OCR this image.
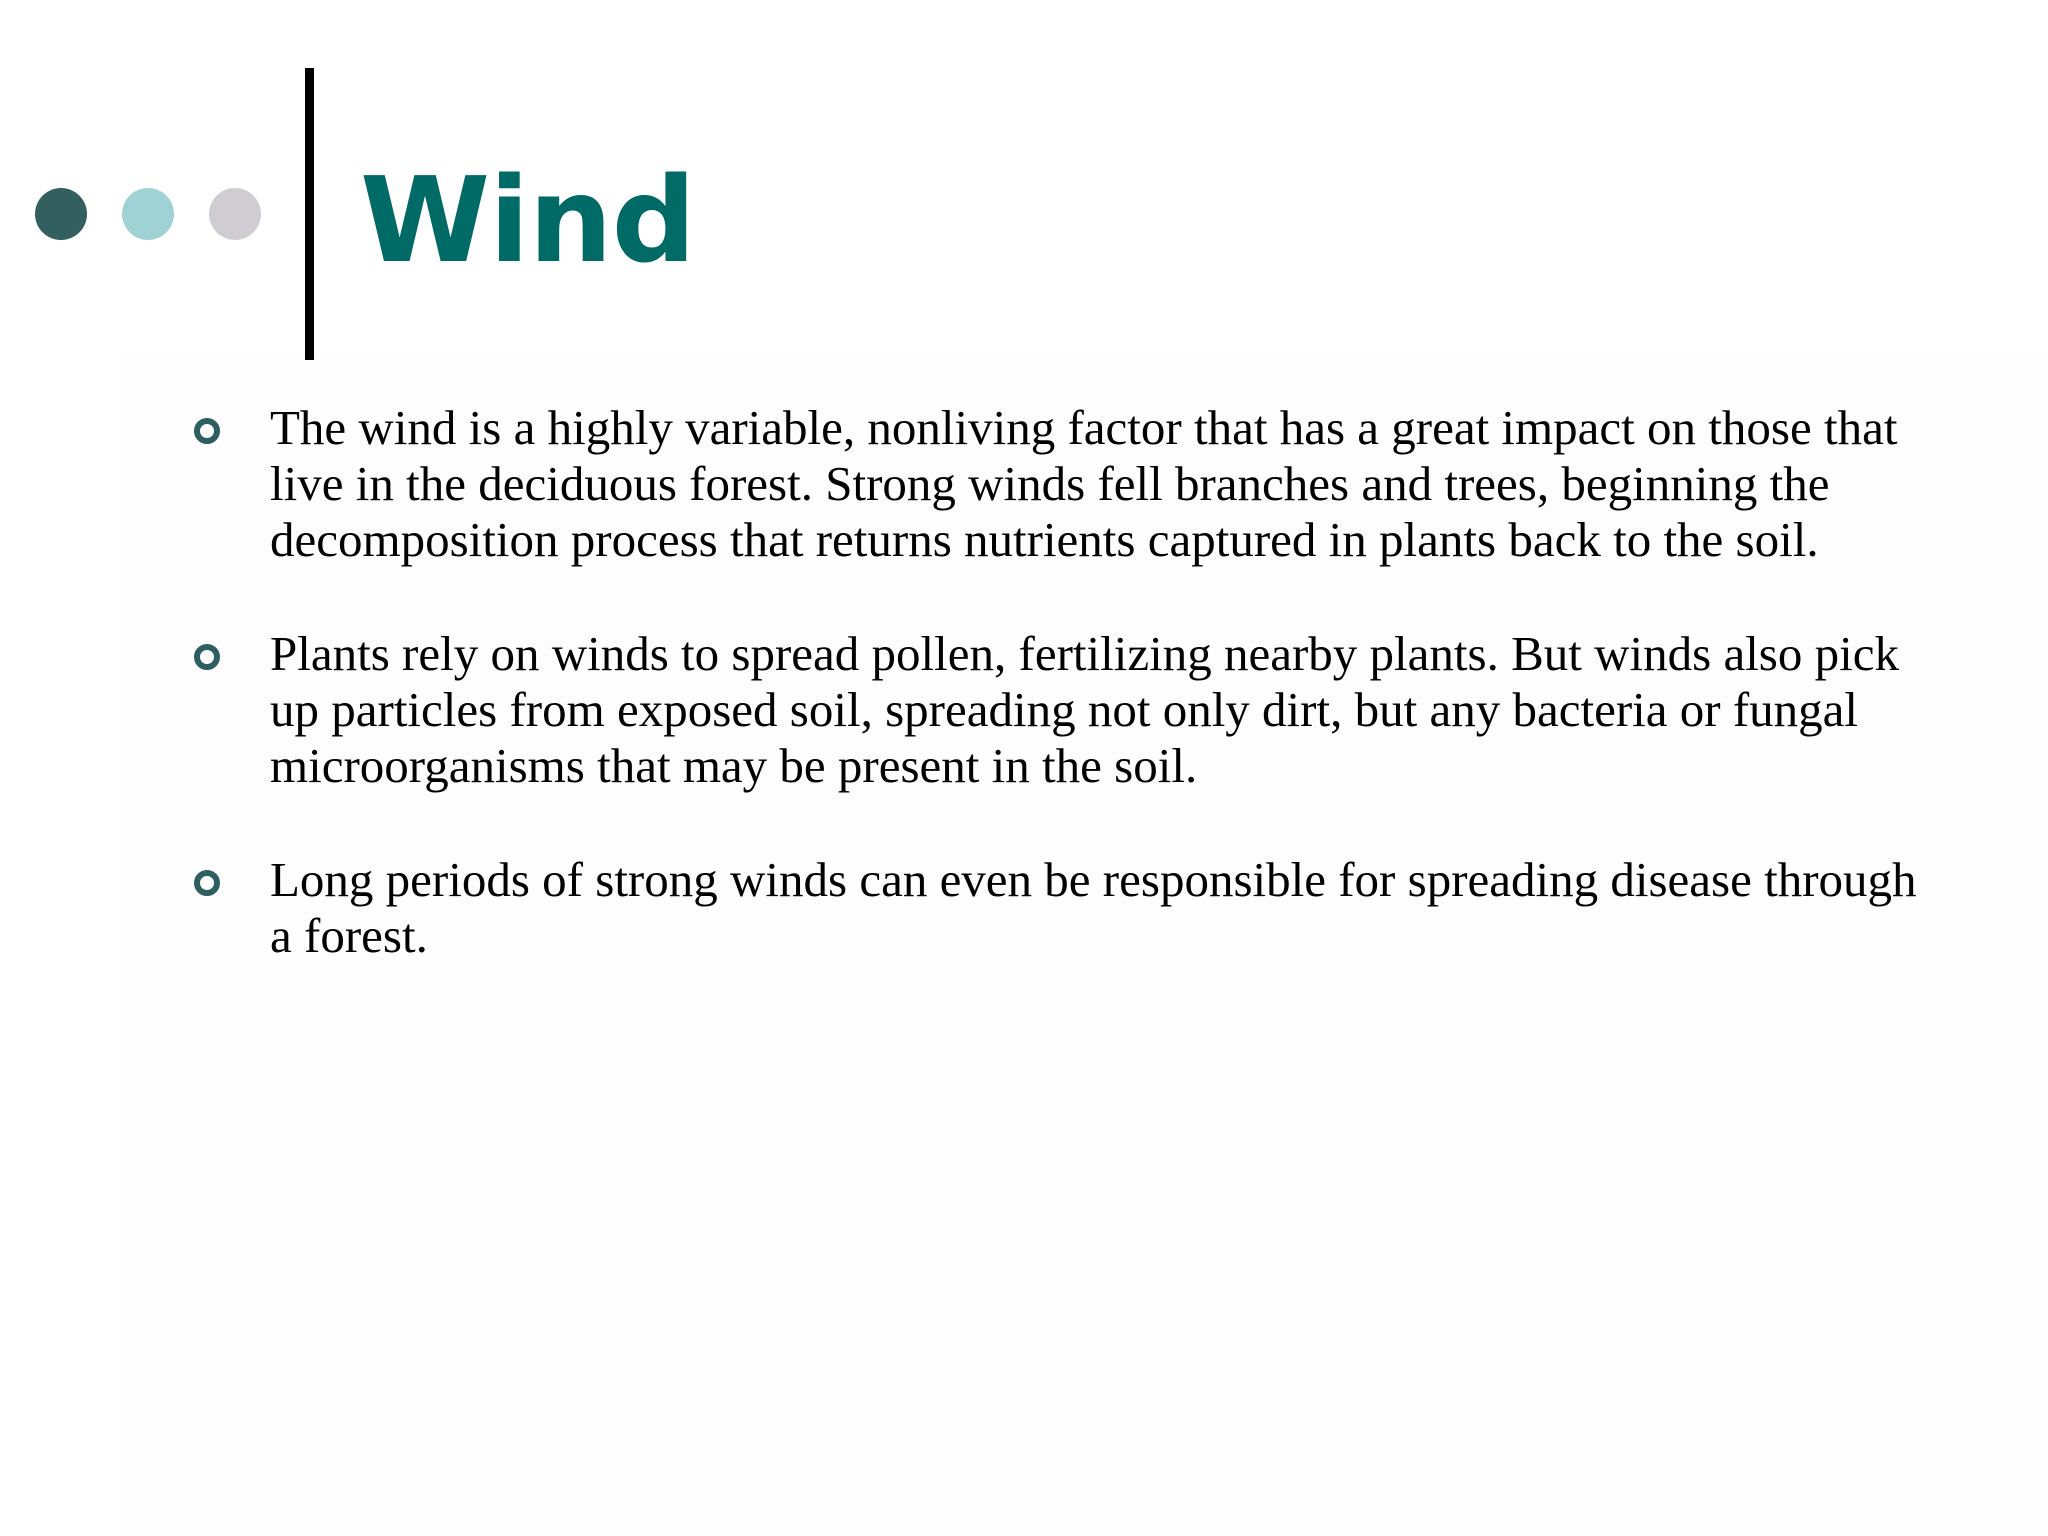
Wind
The wind is a highly variable, nonliving factor that has a great impact on those that live in the deciduous forest. Strong winds fell branches and trees, beginning the decomposition process that returns nutrients captured in plants back to the soil.
Plants rely on winds to spread pollen, fertilizing nearby plants. But winds also pick up particles from exposed soil, spreading not only dirt, but any bacteria or fungal microorganisms that may be present in the soil.
Long periods of strong winds can even be responsible for spreading disease through a forest.
